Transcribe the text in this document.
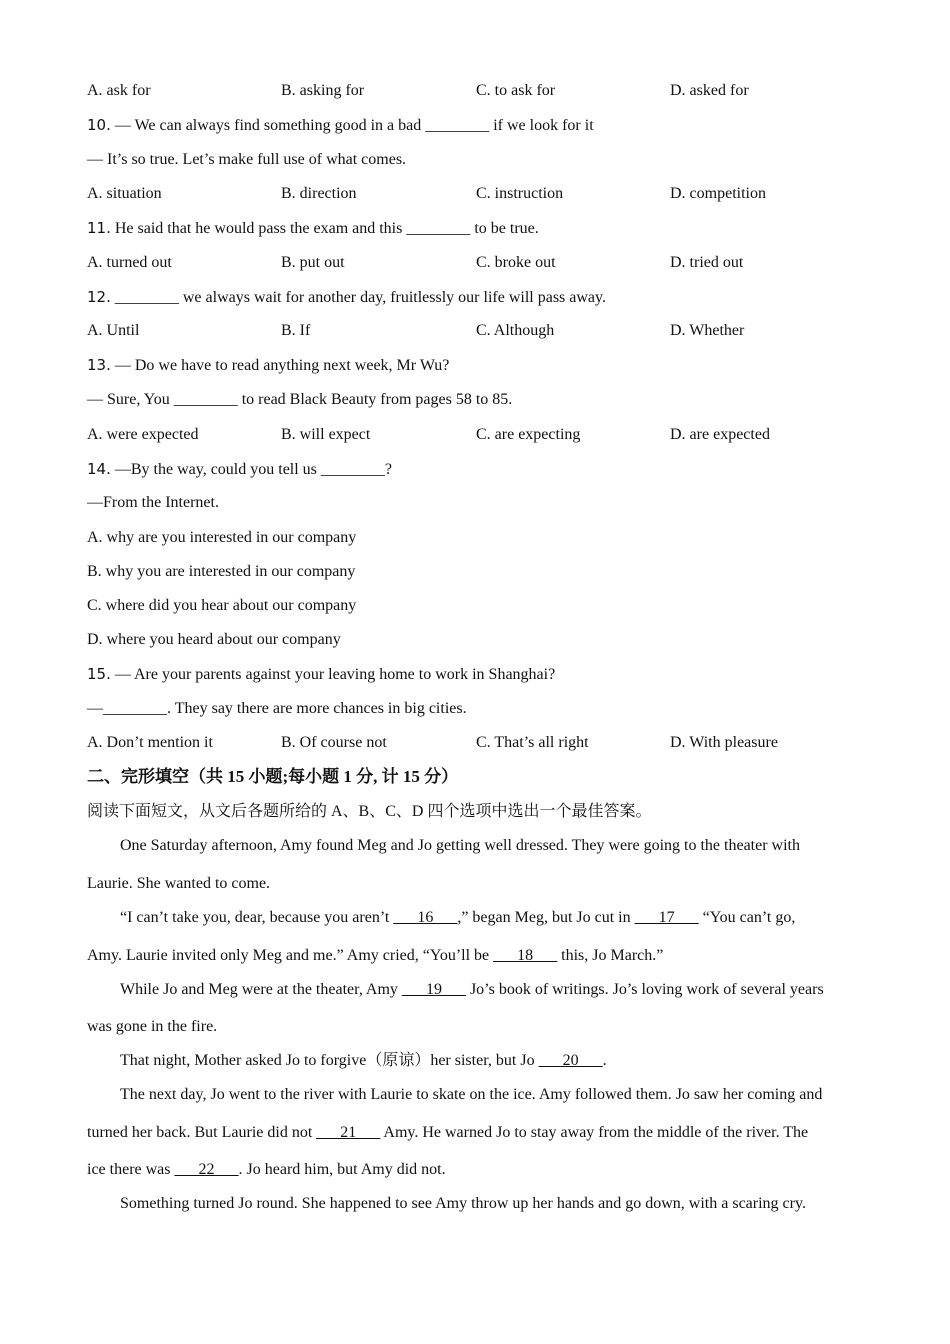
A. ask for	B. asking for	C. to ask for	D. asked for
10. — We can always find something good in a bad ________ if we look for it
— It’s so true. Let’s make full use of what comes.
A. situation	B. direction	C. instruction	D. competition
11. He said that he would pass the exam and this ________ to be true.
A. turned out	B. put out	C. broke out	D. tried out
12. ________ we always wait for another day, fruitlessly our life will pass away.
A. Until	B. If	C. Although	D. Whether
13. — Do we have to read anything next week, Mr Wu?
— Sure, You ________ to read Black Beauty from pages 58 to 85.
A. were expected	B. will expect	C. are expecting	D. are expected
14. —By the way, could you tell us ________?
—From the Internet.
A. why are you interested in our company
B. why you are interested in our company
C. where did you hear about our company
D. where you heard about our company
15. — Are your parents against your leaving home to work in Shanghai?
—________. They say there are more chances in big cities.
A. Don’t mention it	B. Of course not	C. That’s all right	D. With pleasure
二、完形填空（共 15 小题;每小题 1 分, 计 15 分）
阅读下面短文，从文后各题所给的 A、B、C、D 四个选项中选出一个最佳答案。
One Saturday afternoon, Amy found Meg and Jo getting well dressed. They were going to the theater with
Laurie. She wanted to come.
“I can’t take you, dear, because you aren’t ___16___,” began Meg, but Jo cut in ___17___ “You can’t go,
Amy. Laurie invited only Meg and me.” Amy cried, “You’ll be ___18___ this, Jo March.”
While Jo and Meg were at the theater, Amy ___19___ Jo’s book of writings. Jo’s loving work of several years
was gone in the fire.
That night, Mother asked Jo to forgive（原谅）her sister, but Jo ___20___.
The next day, Jo went to the river with Laurie to skate on the ice. Amy followed them. Jo saw her coming and
turned her back. But Laurie did not ___21___ Amy. He warned Jo to stay away from the middle of the river. The
ice there was ___22___. Jo heard him, but Amy did not.
Something turned Jo round. She happened to see Amy throw up her hands and go down, with a scaring cry.
